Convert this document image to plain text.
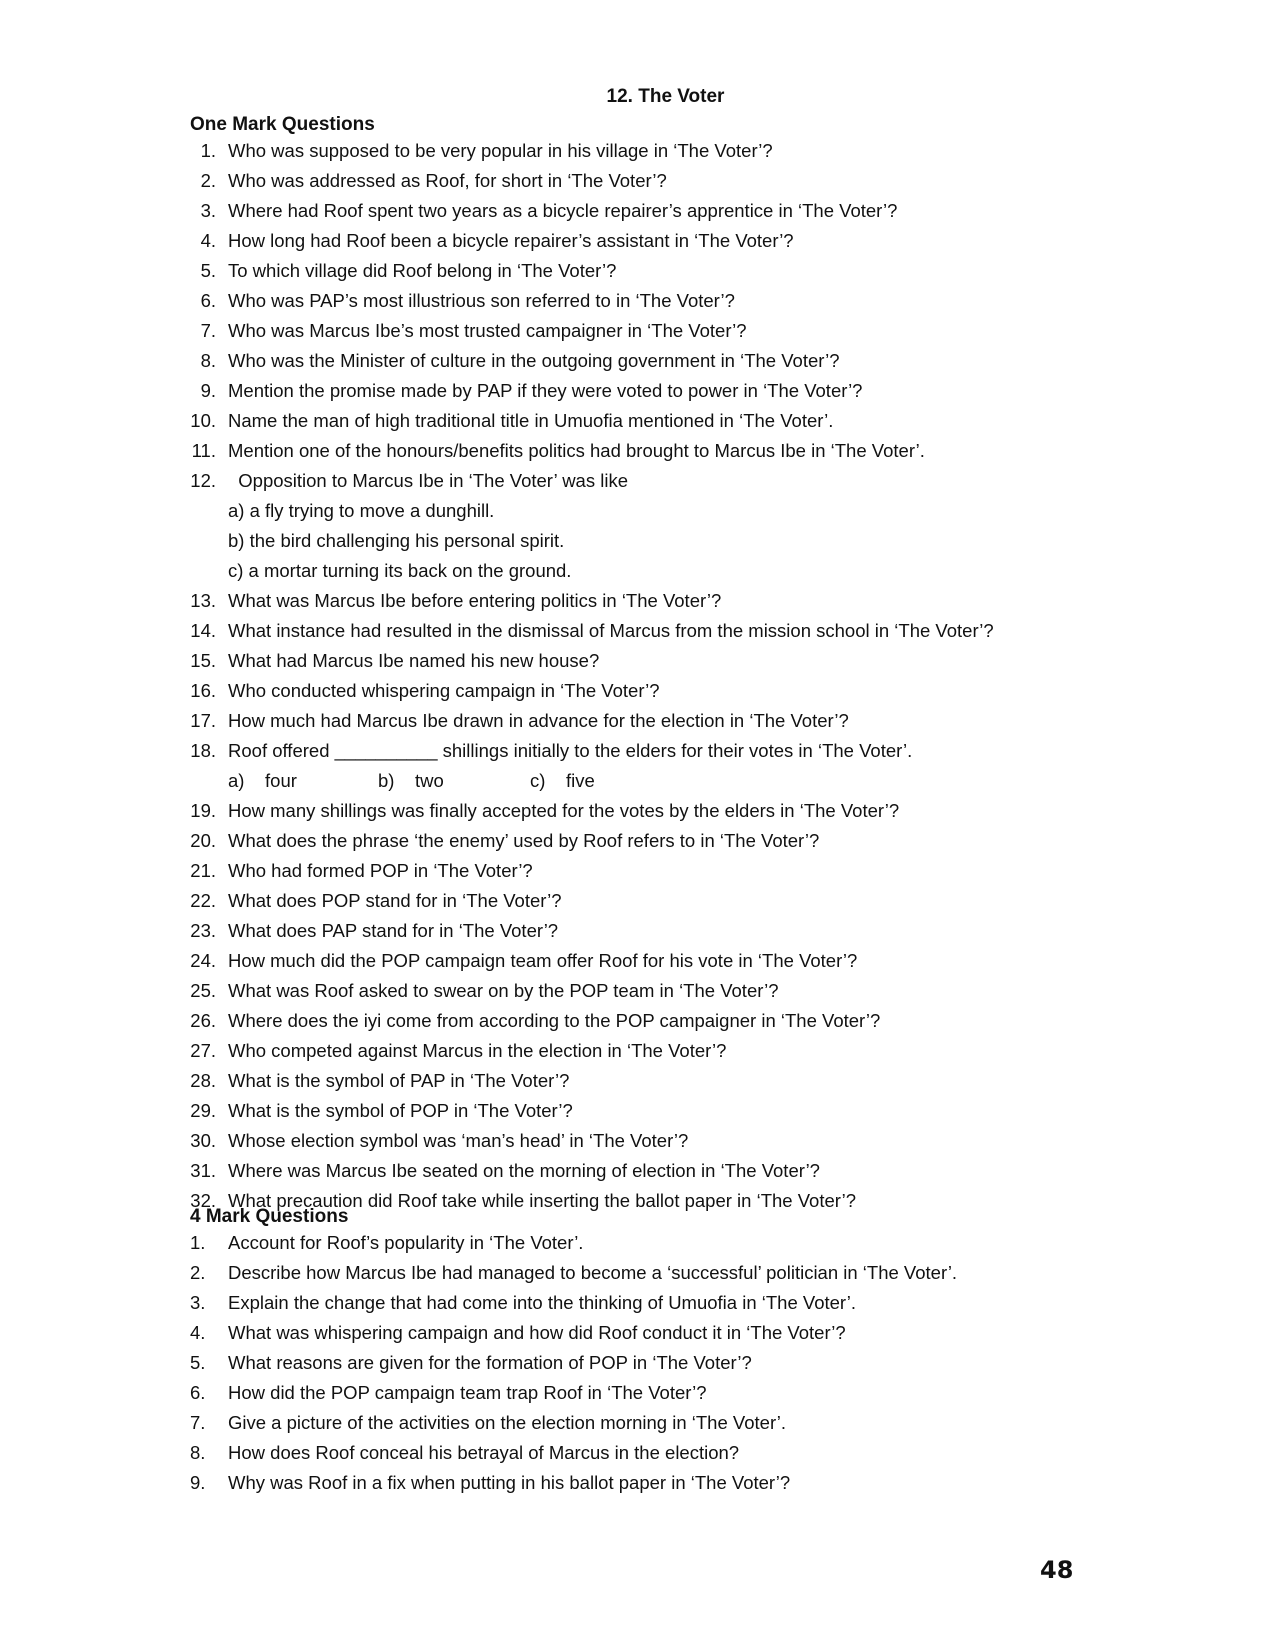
12. The Voter
One Mark Questions
1. Who was supposed to be very popular in his village in ‘The Voter’?
2. Who was addressed as Roof, for short in ‘The Voter’?
3. Where had Roof spent two years as a bicycle repairer’s apprentice in ‘The Voter’?
4. How long had Roof been a bicycle repairer’s assistant in ‘The Voter’?
5. To which village did Roof belong in ‘The Voter’?
6. Who was PAP’s most illustrious son referred to in ‘The Voter’?
7. Who was Marcus Ibe’s most trusted campaigner in ‘The Voter’?
8. Who was the Minister of culture in the outgoing government in ‘The Voter’?
9. Mention the promise made by PAP if they were voted to power in ‘The Voter’?
10. Name the man of high traditional title in Umuofia mentioned in ‘The Voter’.
11. Mention one of the honours/benefits politics had brought to Marcus Ibe in ‘The Voter’.
12. Opposition to Marcus Ibe in ‘The Voter’ was like
a) a fly trying to move a dunghill.
b) the bird challenging his personal spirit.
c) a mortar turning its back on the ground.
13. What was Marcus Ibe before entering politics in ‘The Voter’?
14. What instance had resulted in the dismissal of Marcus from the mission school in ‘The Voter’?
15. What had Marcus Ibe named his new house?
16. Who conducted whispering campaign in ‘The Voter’?
17. How much had Marcus Ibe drawn in advance for the election in ‘The Voter’?
18. Roof offered __________ shillings initially to the elders for their votes in ‘The Voter’.
a)    four	b)    two	c)    five
19. How many shillings was finally accepted for the votes by the elders in ‘The Voter’?
20. What does the phrase ‘the enemy’ used by Roof refers to in ‘The Voter’?
21. Who had formed POP in ‘The Voter’?
22. What does POP stand for in ‘The Voter’?
23. What does PAP stand for in ‘The Voter’?
24. How much did the POP campaign team offer Roof for his vote in ‘The Voter’?
25. What was Roof asked to swear on by the POP team in ‘The Voter’?
26. Where does the iyi come from according to the POP campaigner in ‘The Voter’?
27. Who competed against Marcus in the election in ‘The Voter’?
28. What is the symbol of PAP in ‘The Voter’?
29. What is the symbol of POP in ‘The Voter’?
30. Whose election symbol was ‘man’s head’ in ‘The Voter’?
31. Where was Marcus Ibe seated on the morning of election in ‘The Voter’?
32. What precaution did Roof take while inserting the ballot paper in ‘The Voter’?
4 Mark Questions
1.	Account for Roof’s popularity in ‘The Voter’.
2.	Describe how Marcus Ibe had managed to become a ‘successful’ politician in ‘The Voter’.
3.	Explain the change that had come into the thinking of Umuofia in ‘The Voter’.
4.	What was whispering campaign and how did Roof conduct it in ‘The Voter’?
5.	What reasons are given for the formation of POP in ‘The Voter’?
6.	How did the POP campaign team trap Roof in ‘The Voter’?
7.	Give a picture of the activities on the election morning in ‘The Voter’.
8.	How does Roof conceal his betrayal of Marcus in the election?
9.	Why was Roof in a fix when putting in his ballot paper in ‘The Voter’?
48
